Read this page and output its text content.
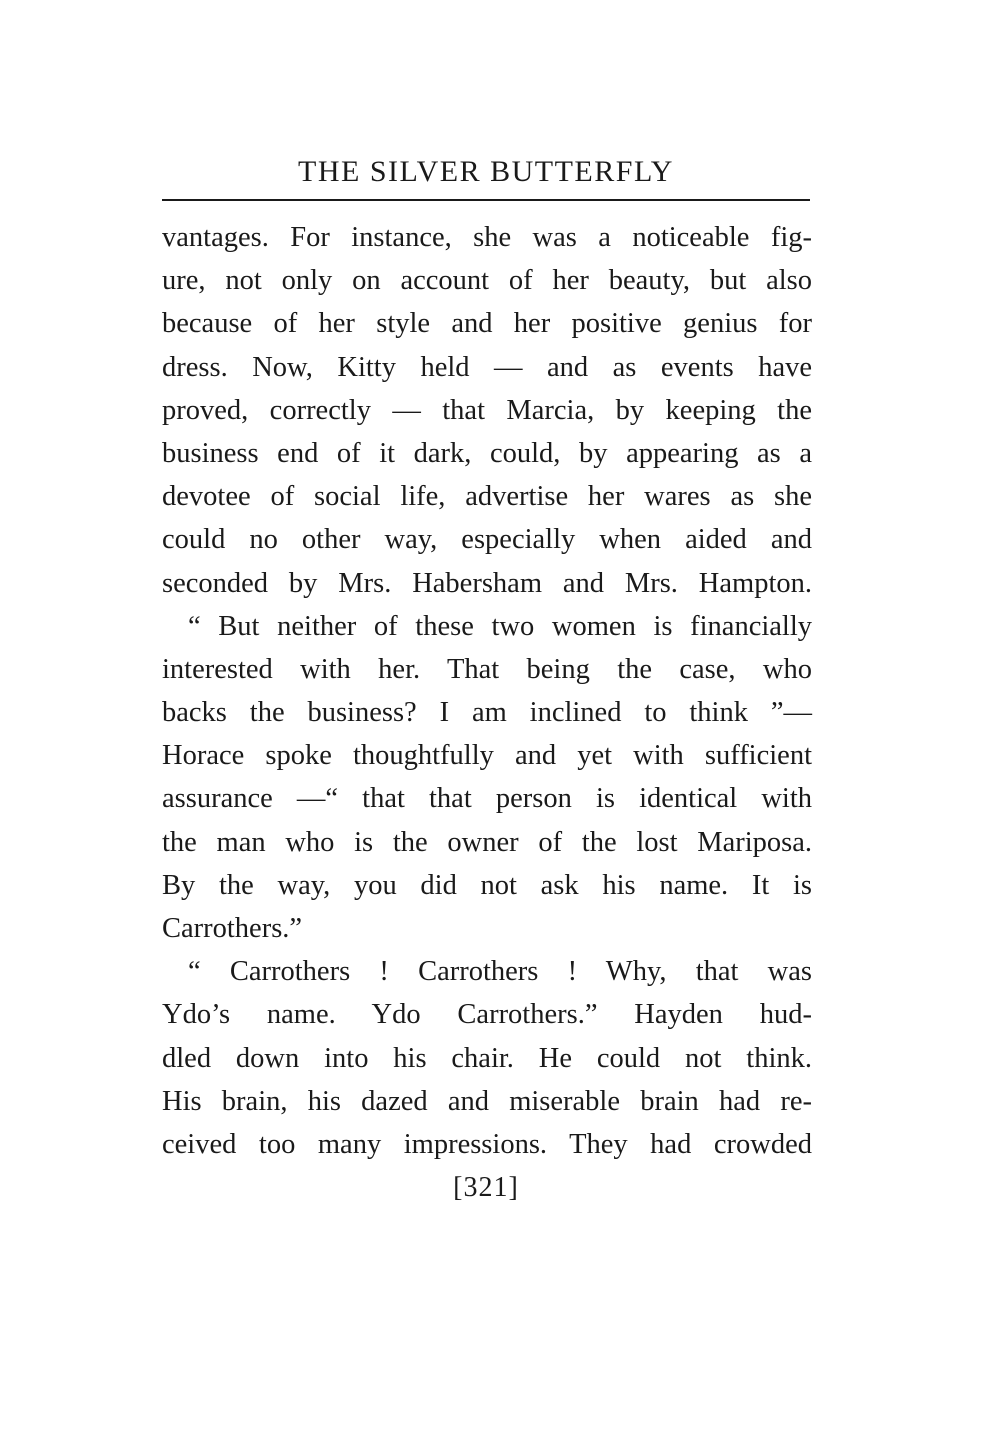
THE SILVER BUTTERFLY
vantages. For instance, she was a noticeable fig-
ure, not only on account of her beauty, but also
because of her style and her positive genius for
dress. Now, Kitty held — and as events have
proved, correctly — that Marcia, by keeping the
business end of it dark, could, by appearing as a
devotee of social life, advertise her wares as she
could no other way, especially when aided and
seconded by Mrs. Habersham and Mrs. Hampton.
“ But neither of these two women is financially
interested with her. That being the case, who
backs the business? I am inclined to think ”—
Horace spoke thoughtfully and yet with sufficient
assurance —“ that that person is identical with
the man who is the owner of the lost Mariposa.
By the way, you did not ask his name. It is
Carrothers.”
“ Carrothers ! Carrothers ! Why, that was
Ydo’s name. Ydo Carrothers.” Hayden hud-
dled down into his chair. He could not think.
His brain, his dazed and miserable brain had re-
ceived too many impressions. They had crowded
[321]
